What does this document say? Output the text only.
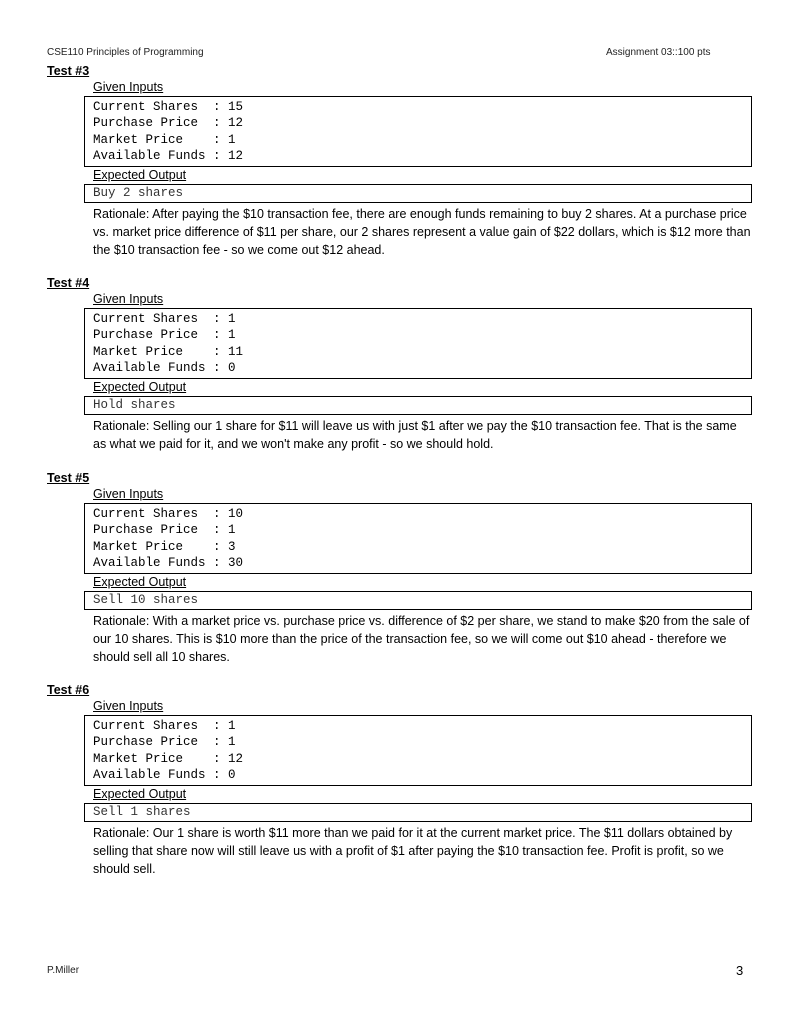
CSE110 Principles of Programming	Assignment 03::100 pts
Test #3
Given Inputs
Current Shares  : 15
Purchase Price  : 12
Market Price    : 1
Available Funds : 12
Expected Output
Buy 2 shares
Rationale: After paying the $10 transaction fee, there are enough funds remaining to buy 2 shares. At a purchase price vs. market price difference of $11 per share, our 2 shares represent a value gain of $22 dollars, which is $12 more than the $10 transaction fee - so we come out $12 ahead.
Test #4
Given Inputs
Current Shares  : 1
Purchase Price  : 1
Market Price    : 11
Available Funds : 0
Expected Output
Hold shares
Rationale: Selling our 1 share for $11 will leave us with just $1 after we pay the $10 transaction fee. That is the same as what we paid for it, and we won't make any profit - so we should hold.
Test #5
Given Inputs
Current Shares  : 10
Purchase Price  : 1
Market Price    : 3
Available Funds : 30
Expected Output
Sell 10 shares
Rationale: With a market price vs. purchase price vs. difference of $2 per share, we stand to make $20 from the sale of our 10 shares. This is $10 more than the price of the transaction fee, so we will come out $10 ahead - therefore we should sell all 10 shares.
Test #6
Given Inputs
Current Shares  : 1
Purchase Price  : 1
Market Price    : 12
Available Funds : 0
Expected Output
Sell 1 shares
Rationale: Our 1 share is worth $11 more than we paid for it at the current market price. The $11 dollars obtained by selling that share now will still leave us with a profit of $1 after paying the $10 transaction fee. Profit is profit, so we should sell.
P.Miller	3
